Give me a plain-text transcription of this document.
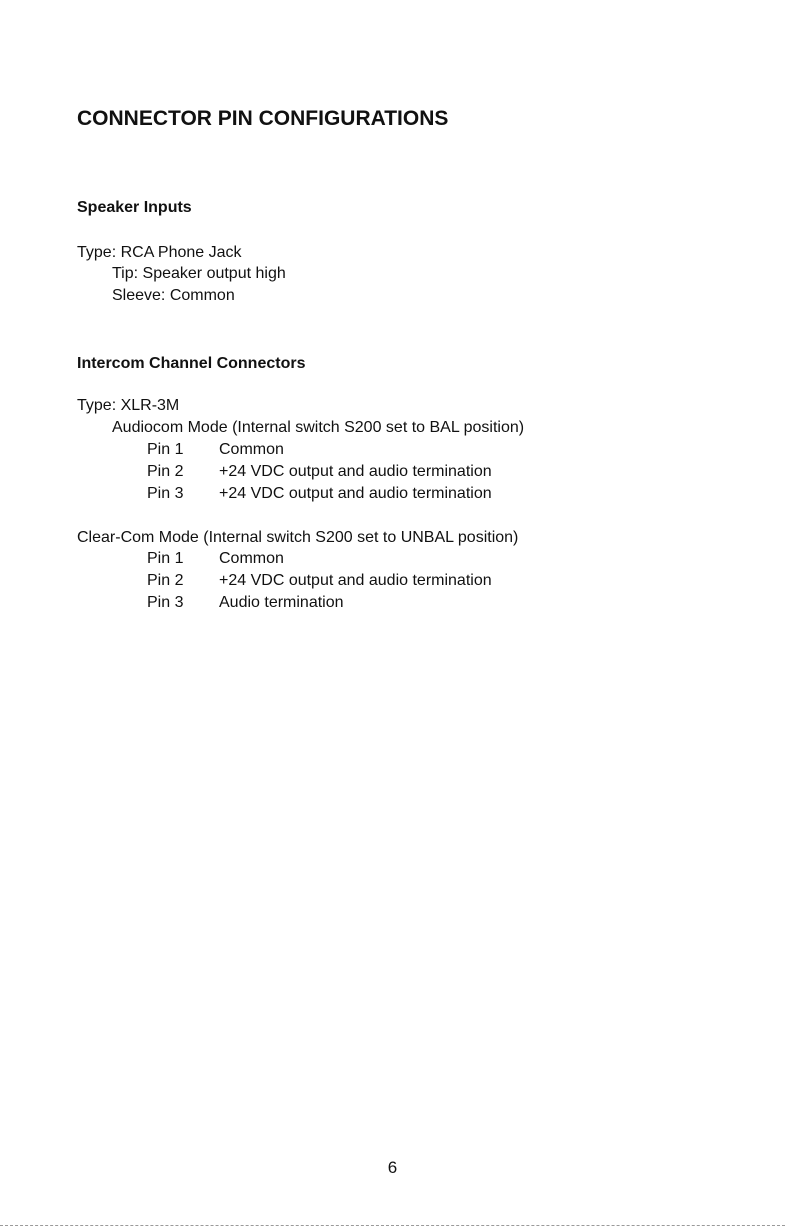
CONNECTOR PIN CONFIGURATIONS
Speaker Inputs

Type: RCA Phone Jack

Tip: Speaker output high

Sleeve: Common

Intercom Channel Connectors

Type: XLR-3M

Audiocom Mode (Internal switch S200 set to BAL position)

Pin 1 Common
Pin 2 +24 VDC output and audio termination
Pin 3 +24 VDC output and audio termination

Clear-Com Mode (Internal switch S200 set to UNBAL position)

Pin 1 Common
Pin 2 +24 VDC output and audio termination
Pin 3 Audio termination
6
